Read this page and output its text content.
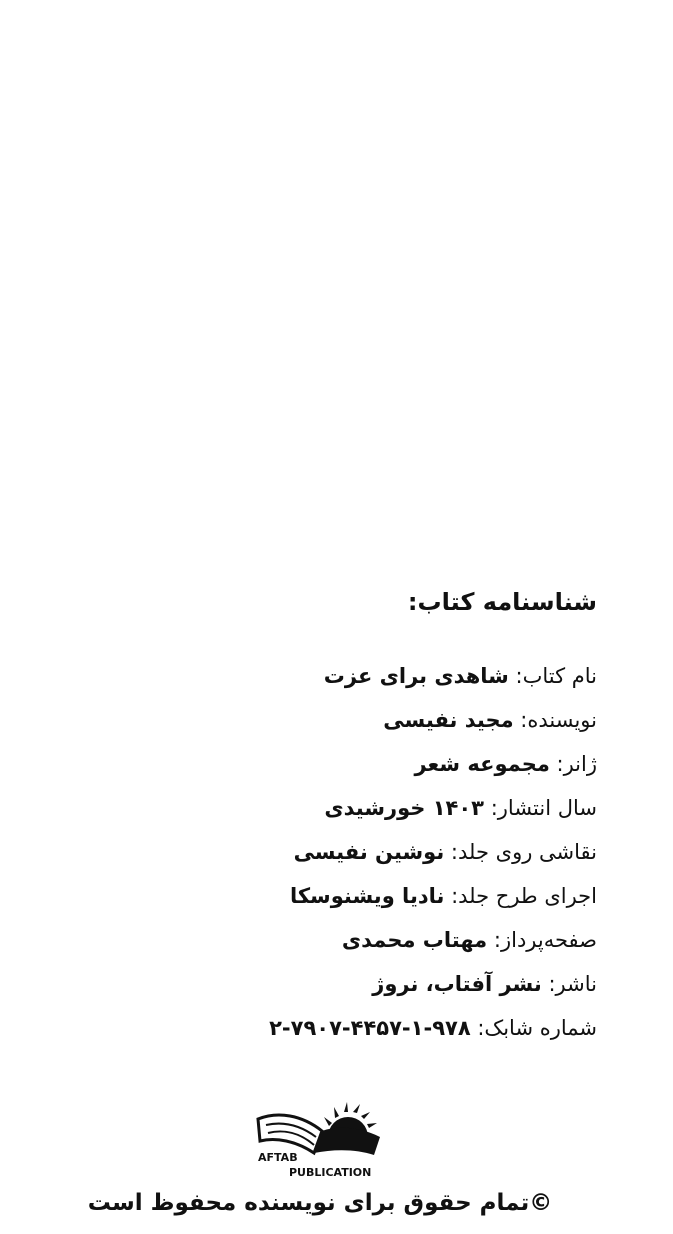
شناسنامه کتاب:
نام کتاب: شاهدی برای عزت
نویسنده: مجید نفیسی
ژانر: مجموعه شعر
سال انتشار: ۱۴۰۳ خورشیدی
نقاشی روی جلد: نوشین نفیسی
اجرای طرح جلد: نادیا ویشنوسکا
صفحه‌پرداز: مهتاب محمدی
ناشر: نشر آفتاب، نروژ
شماره شابک: ۹۷۸-۱-۴۴۵۷-۷۹۰۷-۲
AFTAB
PUBLICATION
©تمام حقوق برای نویسنده محفوظ است
